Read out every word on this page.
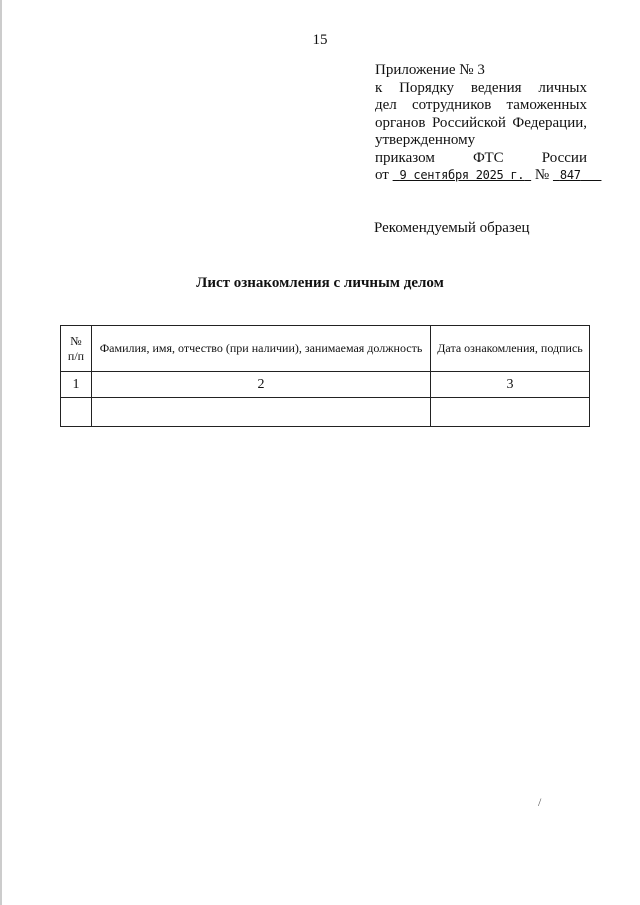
15
Приложение № 3
к Порядку ведения личных
дел сотрудников таможенных
органов Российской Федерации,
утвержденному
приказом ФТС России
от 9 сентября 2025 г. № 847
Рекомендуемый образец
Лист ознакомления с личным делом
№ п/п	Фамилия, имя, отчество (при наличии), занимаемая должность	Дата ознакомления, подпись
1	2	3

/
